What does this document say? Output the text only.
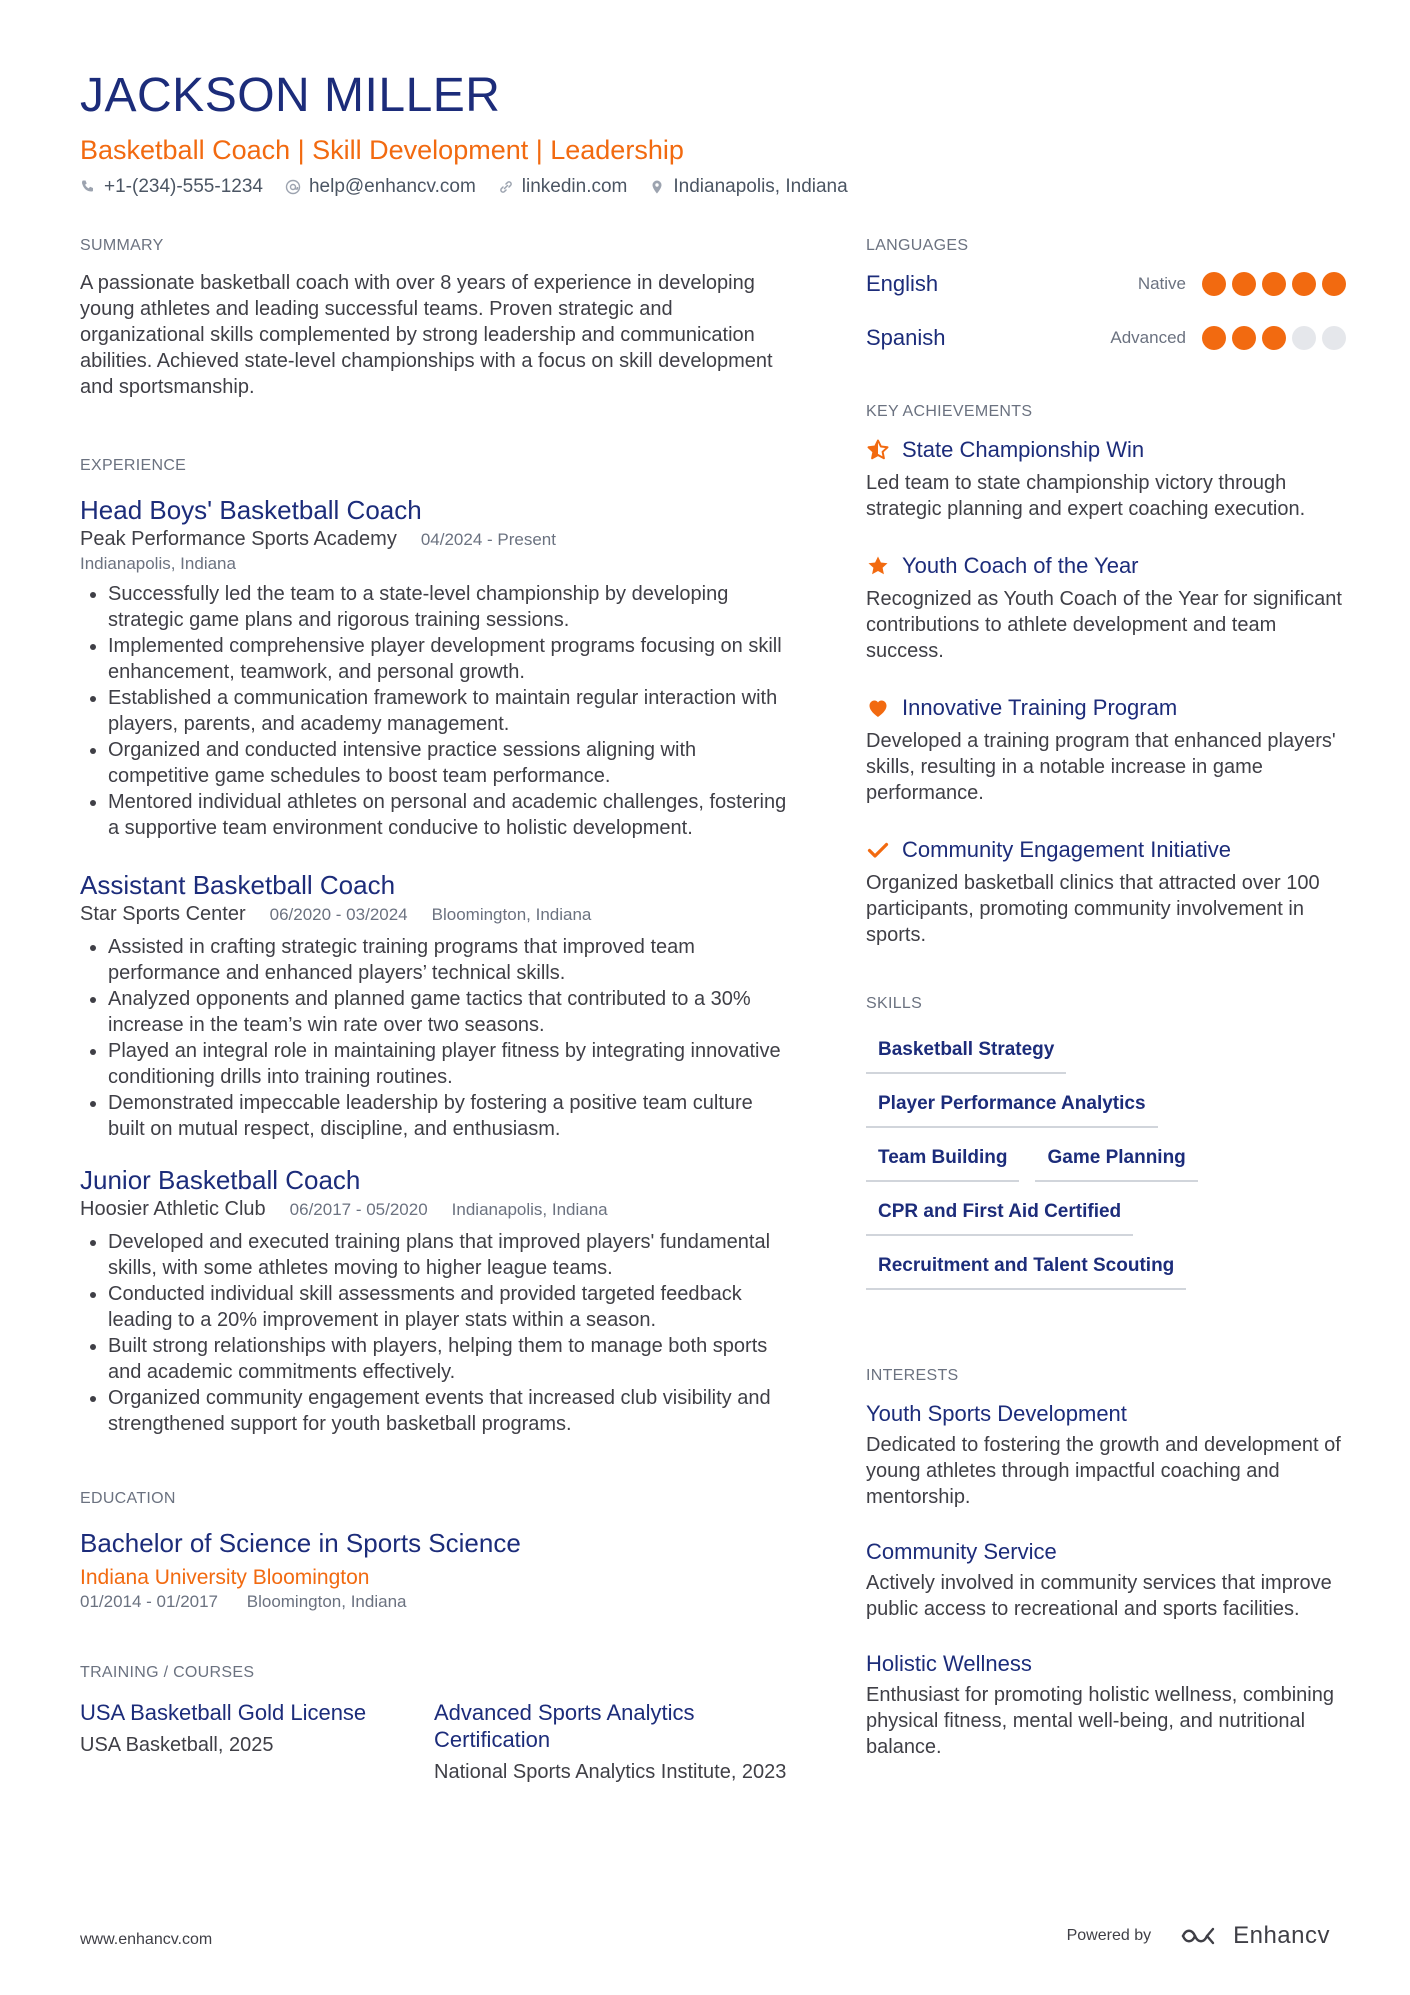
JACKSON MILLER
Basketball Coach | Skill Development | Leadership
+1-(234)-555-1234 help@enhancv.com linkedin.com Indianapolis, Indiana
SUMMARY
A passionate basketball coach with over 8 years of experience in developing young athletes and leading successful teams. Proven strategic and organizational skills complemented by strong leadership and communication abilities. Achieved state-level championships with a focus on skill development and sportsmanship.
EXPERIENCE
Head Boys' Basketball Coach
Peak Performance Sports Academy 04/2024 - Present
Indianapolis, Indiana
• Successfully led the team to a state-level championship by developing strategic game plans and rigorous training sessions.
• Implemented comprehensive player development programs focusing on skill enhancement, teamwork, and personal growth.
• Established a communication framework to maintain regular interaction with players, parents, and academy management.
• Organized and conducted intensive practice sessions aligning with competitive game schedules to boost team performance.
• Mentored individual athletes on personal and academic challenges, fostering a supportive team environment conducive to holistic development.
Assistant Basketball Coach
Star Sports Center 06/2020 - 03/2024 Bloomington, Indiana
• Assisted in crafting strategic training programs that improved team performance and enhanced players’ technical skills.
• Analyzed opponents and planned game tactics that contributed to a 30% increase in the team’s win rate over two seasons.
• Played an integral role in maintaining player fitness by integrating innovative conditioning drills into training routines.
• Demonstrated impeccable leadership by fostering a positive team culture built on mutual respect, discipline, and enthusiasm.
Junior Basketball Coach
Hoosier Athletic Club 06/2017 - 05/2020 Indianapolis, Indiana
• Developed and executed training plans that improved players' fundamental skills, with some athletes moving to higher league teams.
• Conducted individual skill assessments and provided targeted feedback leading to a 20% improvement in player stats within a season.
• Built strong relationships with players, helping them to manage both sports and academic commitments effectively.
• Organized community engagement events that increased club visibility and strengthened support for youth basketball programs.
EDUCATION
Bachelor of Science in Sports Science
Indiana University Bloomington
01/2014 - 01/2017 Bloomington, Indiana
TRAINING / COURSES
USA Basketball Gold License
USA Basketball, 2025
Advanced Sports Analytics Certification
National Sports Analytics Institute, 2023
LANGUAGES
English	Native
Spanish	Advanced
KEY ACHIEVEMENTS
State Championship Win
Led team to state championship victory through strategic planning and expert coaching execution.
Youth Coach of the Year
Recognized as Youth Coach of the Year for significant contributions to athlete development and team success.
Innovative Training Program
Developed a training program that enhanced players' skills, resulting in a notable increase in game performance.
Community Engagement Initiative
Organized basketball clinics that attracted over 100 participants, promoting community involvement in sports.
SKILLS
Basketball Strategy
Player Performance Analytics
Team Building	Game Planning
CPR and First Aid Certified
Recruitment and Talent Scouting
INTERESTS
Youth Sports Development
Dedicated to fostering the growth and development of young athletes through impactful coaching and mentorship.
Community Service
Actively involved in community services that improve public access to recreational and sports facilities.
Holistic Wellness
Enthusiast for promoting holistic wellness, combining physical fitness, mental well-being, and nutritional balance.
www.enhancv.com	Powered by	Enhancv
